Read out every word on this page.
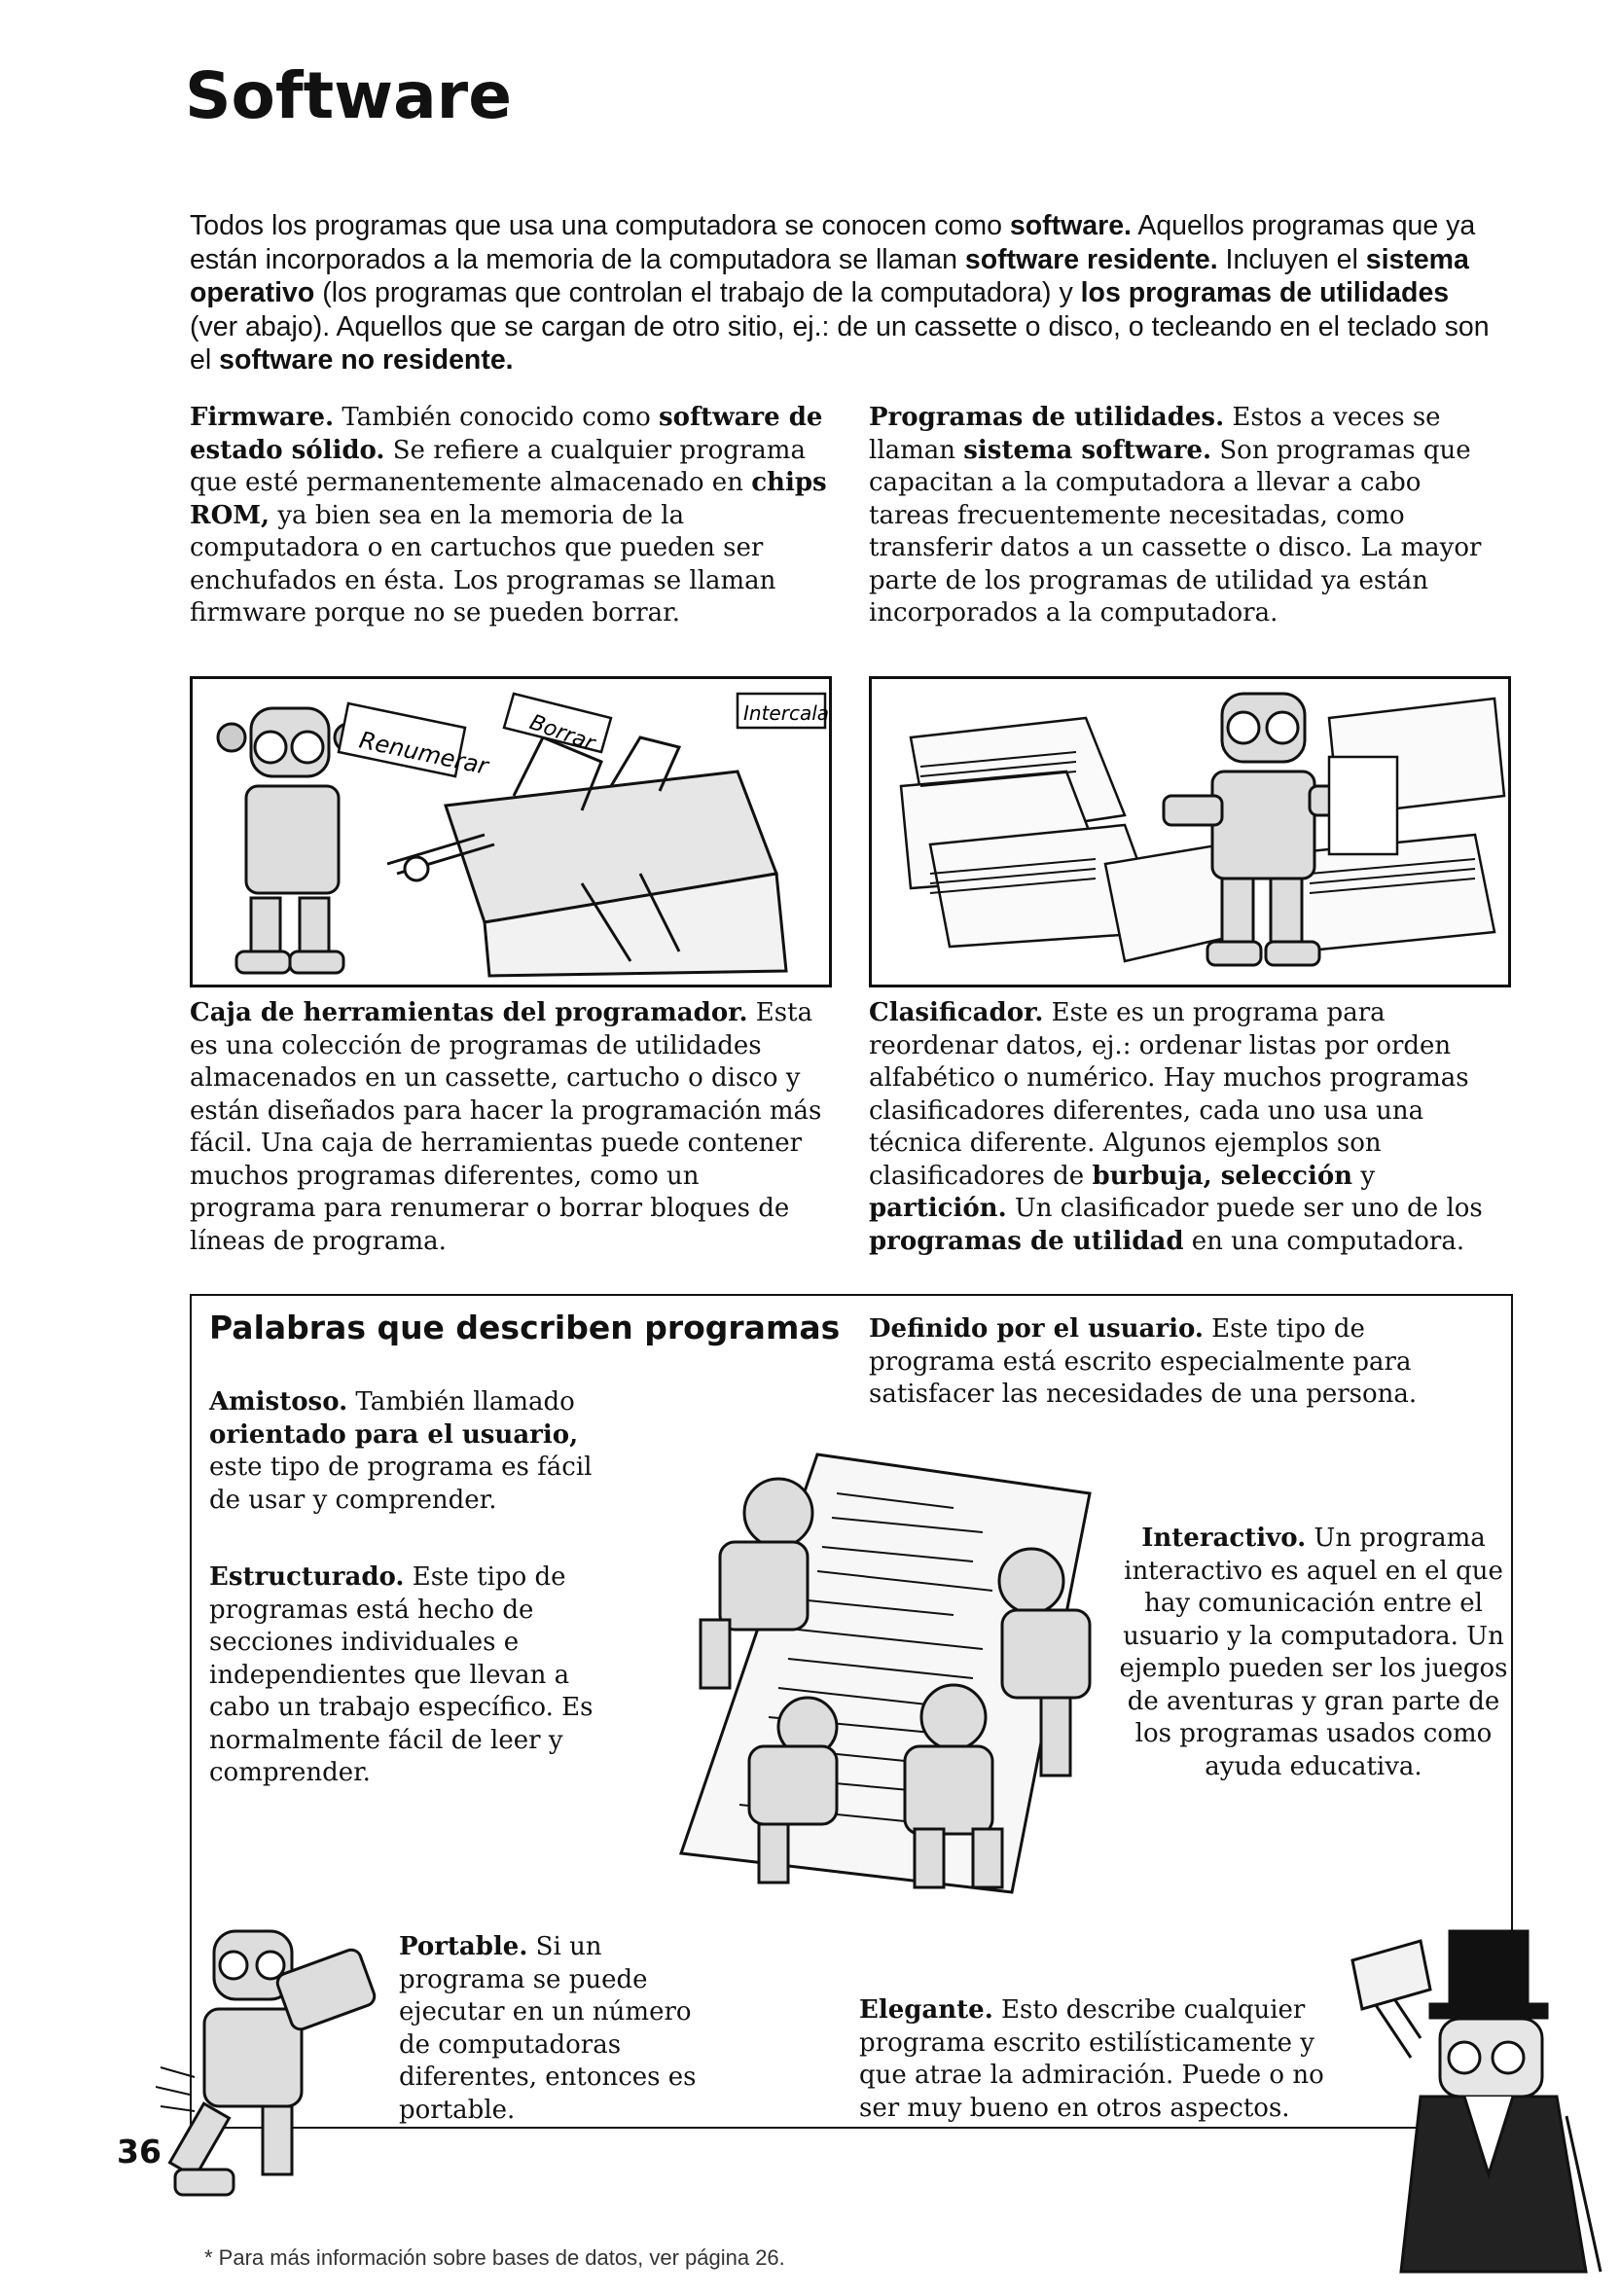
Software

Todos los programas que usa una computadora se conocen como software. Aquellos programas que ya están incorporados a la memoria de la computadora se llaman software residente. Incluyen el sistema operativo (los programas que controlan el trabajo de la computadora) y los programas de utilidades (ver abajo). Aquellos que se cargan de otro sitio, ej.: de un cassette o disco, o tecleando en el teclado son el software no residente.

Firmware. También conocido como software de estado sólido. Se refiere a cualquier programa que esté permanentemente almacenado en chips ROM, ya bien sea en la memoria de la computadora o en cartuchos que pueden ser enchufados en ésta. Los programas se llaman firmware porque no se pueden borrar.

Programas de utilidades. Estos a veces se llaman sistema software. Son programas que capacitan a la computadora a llevar a cabo tareas frecuentemente necesitadas, como transferir datos a un cassette o disco. La mayor parte de los programas de utilidad ya están incorporados a la computadora.

Renumerar Borrar	Intercalar

Caja de herramientas del programador. Esta es una colección de programas de utilidades almacenados en un cassette, cartucho o disco y están diseñados para hacer la programación más fácil. Una caja de herramientas puede contener muchos programas diferentes, como un programa para renumerar o borrar bloques de líneas de programa.

Clasificador. Este es un programa para reordenar datos, ej.: ordenar listas por orden alfabético o numérico. Hay muchos programas clasificadores diferentes, cada uno usa una técnica diferente. Algunos ejemplos son clasificadores de burbuja, selección y partición. Un clasificador puede ser uno de los programas de utilidad en una computadora.

Palabras que describen programas Definido por el usuario. Este tipo de programa está escrito especialmente para satisfacer las necesidades de una persona.

Amistoso. También llamado orientado para el usuario, este tipo de programa es fácil de usar y comprender.

Estructurado. Este tipo de programas está hecho de secciones individuales e independientes que llevan a cabo un trabajo específico. Es normalmente fácil de leer y comprender.

Interactivo. Un programa interactivo es aquel en el que hay comunicación entre el usuario y la computadora. Un ejemplo pueden ser los juegos de aventuras y gran parte de los programas usados como ayuda educativa.

Portable. Si un programa se puede ejecutar en un número de computadoras diferentes, entonces es portable.

Elegante. Esto describe cualquier programa escrito estilísticamente y que atrae la admiración. Puede o no ser muy bueno en otros aspectos.

36
* Para más información sobre bases de datos, ver página 26.
